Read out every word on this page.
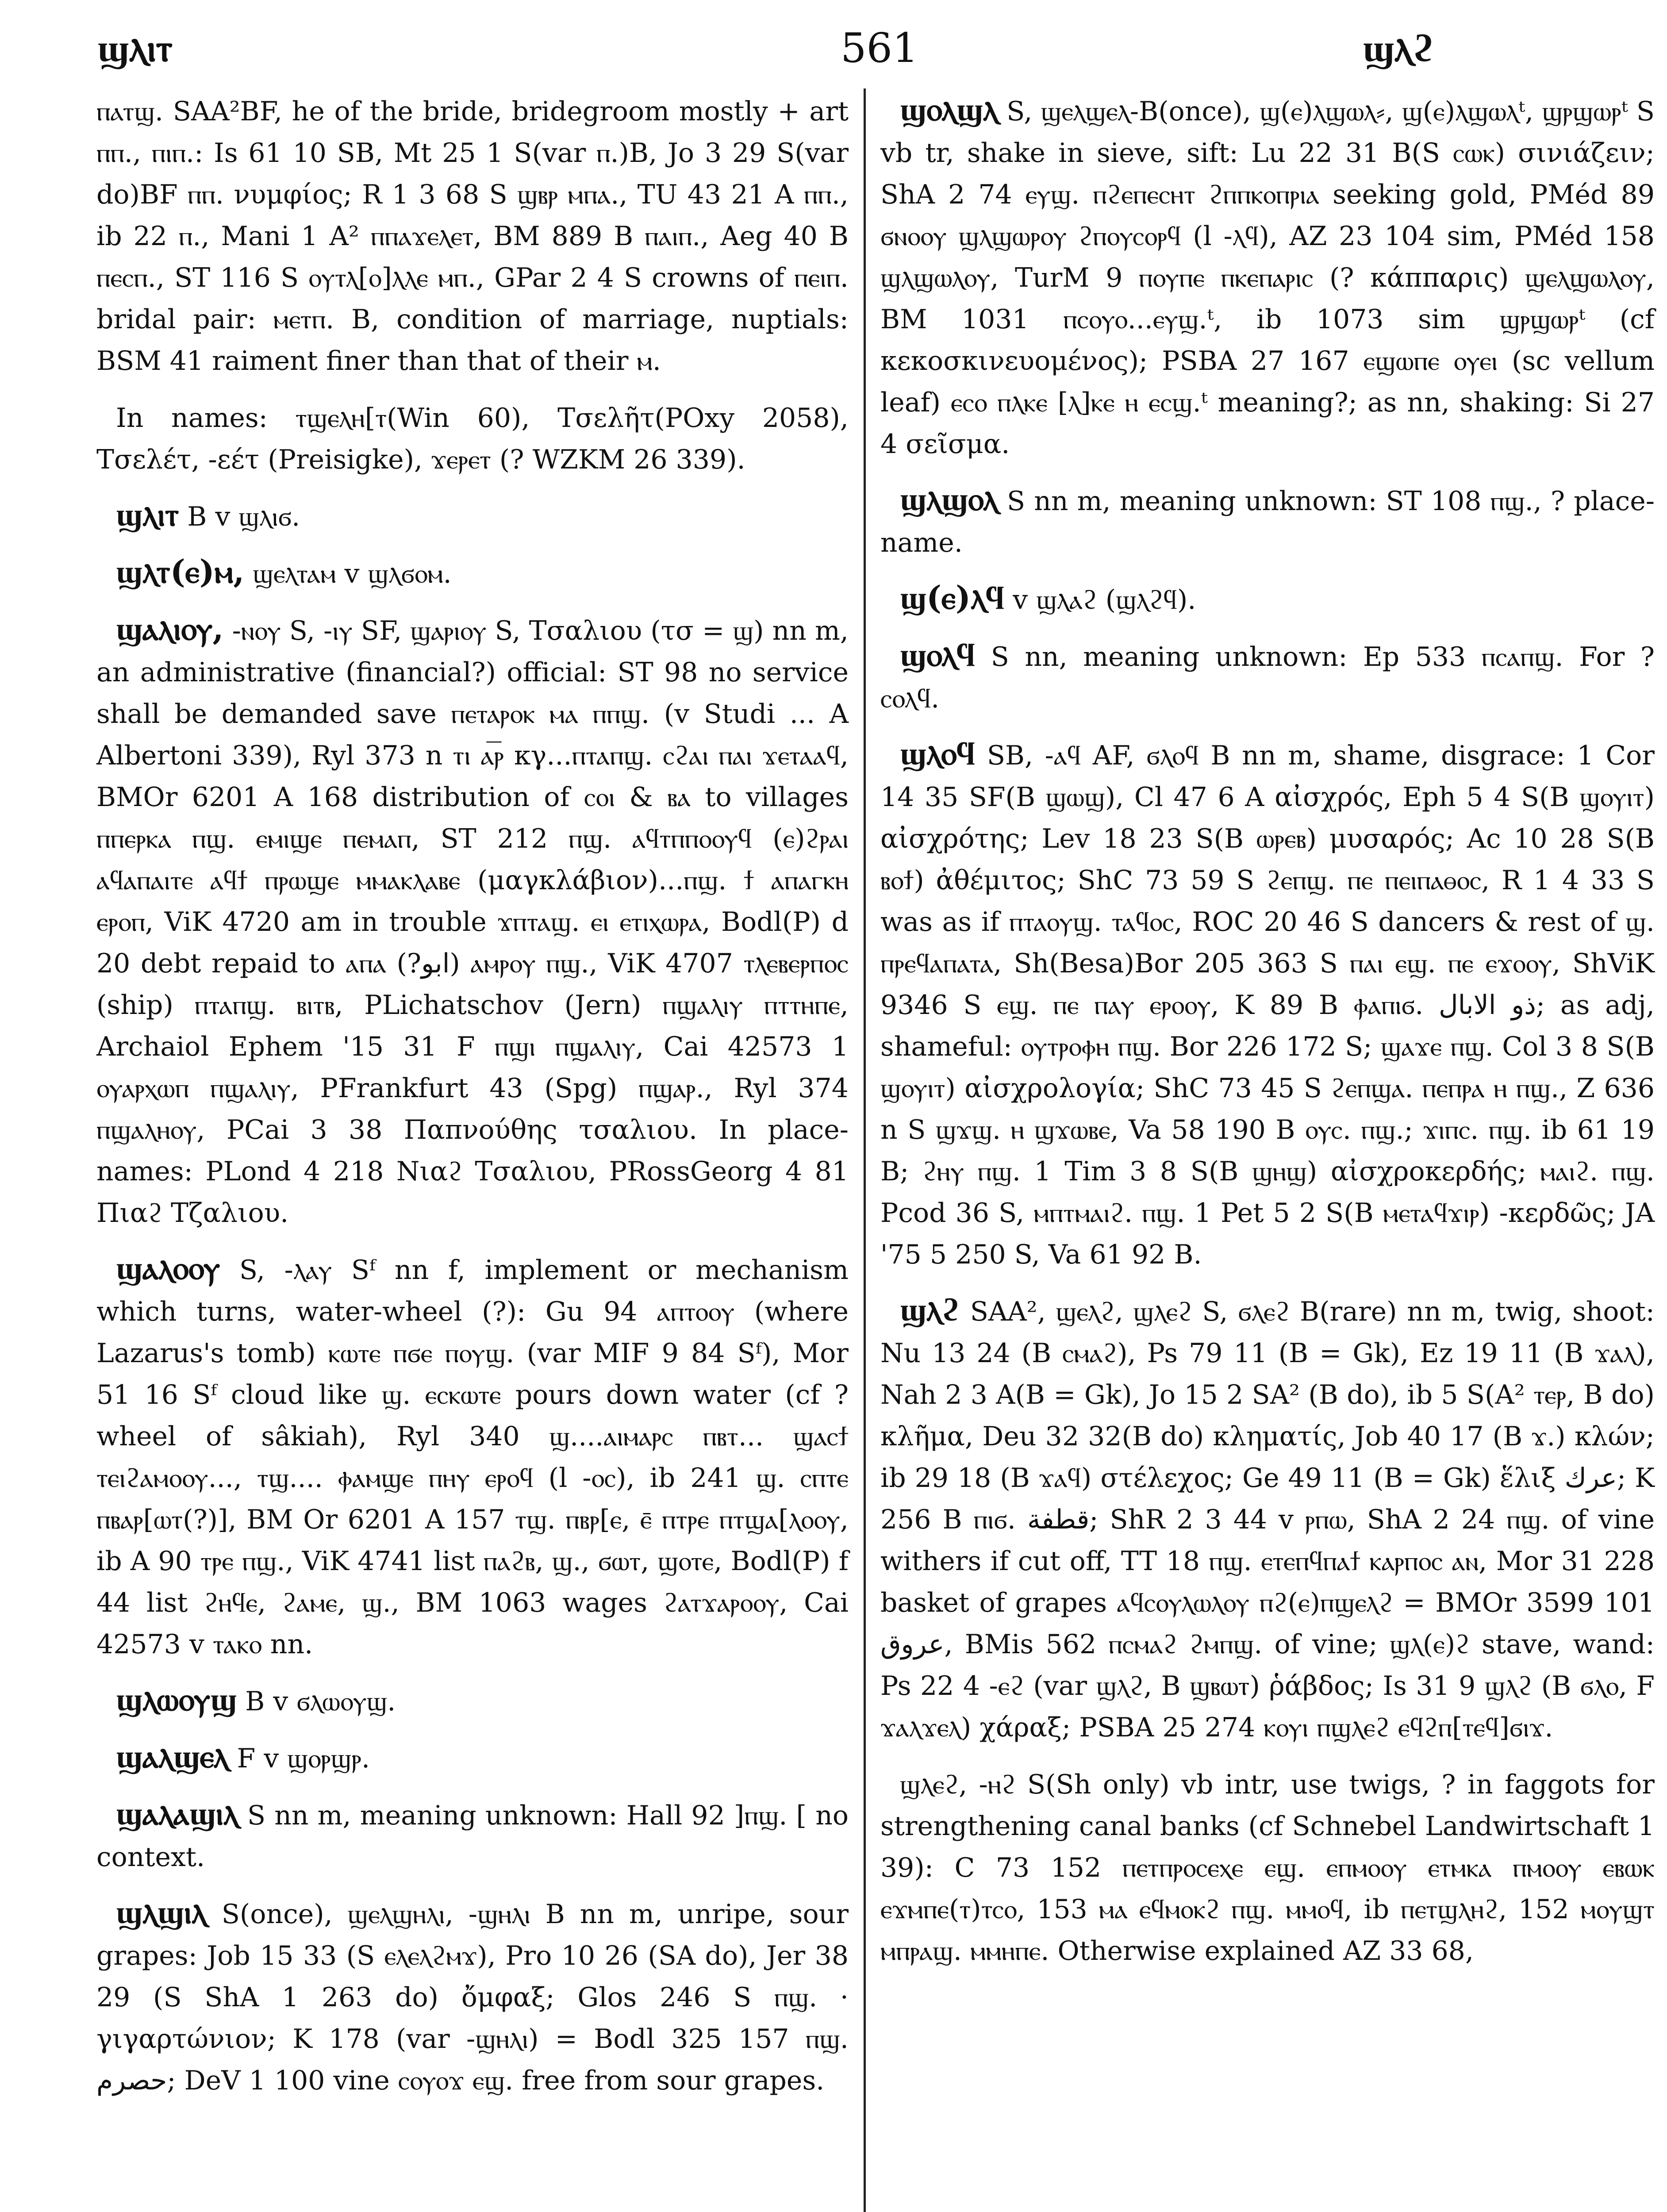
ϣⲗⲓⲧ	561	ϣⲗϩ

ⲡⲁⲧϣ. SAA²BF, he of the bride, bridegroom mostly + art ⲡⲡ., ⲡⲓⲡ.: Is 61 10 SB, Mt 25 1 S(var ⲡ.)B, Jo 3 29 S(var do)BF ⲡⲡ. νυμφίος; R 1 3 68 S ϣⲃⲣ ⲙⲡⲁ., TU 43 21 A ⲡⲡ., ib 22 ⲡ., Mani 1 A² ⲡⲡⲁϫⲉⲗⲉⲧ, BM 889 B ⲡⲁⲓⲡ., Aeg 40 B ⲡⲉⲥⲡ., ST 116 S ⲟⲩⲧⲗ[ⲟ]ⲗⲗⲉ ⲙⲡ., GPar 2 4 S crowns of ⲡⲉⲓⲡ. bridal pair: ⲙⲉⲧⲡ. B, condition of marriage, nuptials: BSM 41 raiment finer than that of their ⲙ.

In names: ⲧϣⲉⲗⲏ[ⲧ(Win 60), Τσελῆτ(POxy 2058), Τσελέτ, -εέτ (Preisigke), ϫⲉⲣⲉⲧ (? WZKM 26 339).

ϣⲗⲓⲧ B v ϣⲗⲓϭ.

ϣⲗⲧ(ⲉ)ⲙ, ϣⲉⲗⲧⲁⲙ v ϣⲗϭⲟⲙ.

ϣⲁⲗⲓⲟⲩ, -ⲛⲟⲩ S, -ⲓⲩ SF, ϣⲁⲣⲓⲟⲩ S, Τσαλιου (τσ = ϣ) nn m, an administrative (financial?) official: ST 98 no service shall be demanded save ⲡⲉⲧⲁⲣⲟⲕ ⲙⲁ ⲡⲡϣ. (v Studi ... A Albertoni 339), Ryl 373 n ⲧⲓ ⲁ͞ⲣ κγ...ⲡⲧⲁⲡϣ. ⲥϩⲁⲓ ⲡⲁⲓ ϫⲉⲧⲁⲁϥ, BMOr 6201 A 168 distribution of ⲥⲟⲓ & ⲃⲁ to villages ⲡⲡⲉⲣⲕⲁ ⲡϣ. ⲉⲙⲓϣⲉ ⲡⲉⲙⲁⲡ, ST 212 ⲡϣ. ⲁϥⲧⲡⲡⲟⲟⲩϥ (ⲉ)ϩⲣⲁⲓ ⲁϥⲁⲡⲁⲓⲧⲉ ⲁϥϯ ⲡⲣⲱϣⲉ ⲙⲙⲁⲕⲗⲁⲃⲉ (μαγκλάβιον)...ⲡϣ. ϯ ⲁⲡⲁⲅⲕⲏ ⲉⲣⲟⲡ, ViK 4720 am in trouble ϫⲡⲧⲁϣ. ⲉⲓ ⲉⲧⲓⲭⲱⲣⲁ, Bodl(P) d 20 debt repaid to ⲁⲡⲁ (?ابو) ⲁⲙⲣⲟⲩ ⲡϣ., ViK 4707 ⲧⲗⲉⲃⲉⲣⲡⲟⲥ (ship) ⲡⲧⲁⲡϣ. ⲃⲓⲧⲃ, PLichatschov (Jern) ⲡϣⲁⲗⲓⲩ ⲡⲧⲧⲏⲡⲉ, Archaiol Ephem '15 31 F ⲡϣⲓ ⲡϣⲁⲗⲓⲩ, Cai 42573 1 ⲟⲩⲁⲣⲭⲱⲡ ⲡϣⲁⲗⲓⲩ, PFrankfurt 43 (Spg) ⲡϣⲁⲣ., Ryl 374 ⲡϣⲁⲗⲏⲟⲩ, PCai 3 38 Παπνούθης τσαλιου. In place-names: PLond 4 218 Νιαϩ Τσαλιου, PRossGeorg 4 81 Πιαϩ Τζαλιου.

ϣⲁⲗⲟⲟⲩ S, -ⲗⲁⲩ Sᶠ nn f, implement or mechanism which turns, water-wheel (?): Gu 94 ⲁⲡⲧⲟⲟⲩ (where Lazarus's tomb) ⲕⲱⲧⲉ ⲡϭⲉ ⲡⲟⲩϣ. (var MIF 9 84 Sᶠ), Mor 51 16 Sᶠ cloud like ϣ. ⲉⲥⲕⲱⲧⲉ pours down water (cf ? wheel of sâkiah), Ryl 340 ϣ....ⲁⲓⲙⲁⲣⲥ ⲡⲃⲧ... ϣⲁⲥϯ ⲧⲉⲓϩⲁⲙⲟⲟⲩ..., ⲧϣ.... ⲫⲁⲙϣⲉ ⲡⲏⲩ ⲉⲣⲟϥ (l -ⲟⲥ), ib 241 ϣ. ⲥⲡⲧⲉ ⲡⲃⲁⲣ[ⲱⲧ(?)], BM Or 6201 A 157 ⲧϣ. ⲡⲃⲣ[ⲉ, ⲉ̄ ⲡⲧⲣⲉ ⲡⲧϣⲁ[ⲗⲟⲟⲩ, ib A 90 ⲧⲣⲉ ⲡϣ., ViK 4741 list ⲡⲁϩⲃ, ϣ., ϭⲱⲧ, ϣⲟⲧⲉ, Bodl(P) f 44 list ϩⲏϥⲉ, ϩⲁⲙⲉ, ϣ., BM 1063 wages ϩⲁⲧϫⲁⲣⲟⲟⲩ, Cai 42573 v ⲧⲁⲕⲟ nn.

ϣⲗⲱⲟⲩϣ B v ϭⲗⲱⲟⲩϣ.

ϣⲁⲗϣⲉⲗ F v ϣⲟⲣϣⲣ.

ϣⲁⲗⲁϣⲓⲗ S nn m, meaning unknown: Hall 92 ]ⲡϣ. [ no context.

ϣⲗϣⲓⲗ S(once), ϣⲉⲗϣⲏⲗⲓ, -ϣⲏⲗⲓ B nn m, unripe, sour grapes: Job 15 33 (S ⲉⲗⲉⲗϩⲙϫ), Pro 10 26 (SA do), Jer 38 29 (S ShA 1 263 do) ὄμφαξ; Glos 246 S ⲡϣ. · γιγαρτώνιον; K 178 (var -ϣⲏⲗⲓ) = Bodl 325 157 ⲡϣ. حصرم; DeV 1 100 vine ⲥⲟⲩⲟϫ ⲉϣ. free from sour grapes.

ϣⲟⲗϣⲗ S, ϣⲉⲗϣⲉⲗ-B(once), ϣ(ⲉ)ⲗϣⲱⲗ⸗, ϣ(ⲉ)ⲗϣⲱⲗᵗ, ϣⲣϣⲱⲣᵗ S vb tr, shake in sieve, sift: Lu 22 31 B(S ⲥⲱⲕ) σινιάζειν; ShA 2 74 ⲉⲩϣ. ⲡϩⲉⲡⲉⲥⲏⲧ ϩⲡⲡⲕⲟⲡⲣⲓⲁ seeking gold, PMéd 89 ϭⲛⲟⲟⲩ ϣⲗϣⲱⲣⲟⲩ ϩⲡⲟⲩⲥⲟⲣϥ (l -ⲗϥ), AZ 23 104 sim, PMéd 158 ϣⲗϣⲱⲗⲟⲩ, TurM 9 ⲡⲟⲩⲡⲉ ⲡⲕⲉⲡⲁⲣⲓⲥ (? κάππαρις) ϣⲉⲗϣⲱⲗⲟⲩ, BM 1031 ⲡⲥⲟⲩⲟ...ⲉⲩϣ.ᵗ, ib 1073 sim ϣⲣϣⲱⲣᵗ (cf κεκοσκινευομένος); PSBA 27 167 ⲉϣⲱⲡⲉ ⲟⲩⲉⲓ (sc vellum leaf) ⲉⲥⲟ ⲡⲗⲕⲉ [ⲗ]ⲕⲉ ⲏ ⲉⲥϣ.ᵗ meaning?; as nn, shaking: Si 27 4 σεῖσμα.

ϣⲗϣⲟⲗ S nn m, meaning unknown: ST 108 ⲡϣ., ? place-name.

ϣ(ⲉ)ⲗϥ v ϣⲗⲁϩ (ϣⲗϩϥ).

ϣⲟⲗϥ S nn, meaning unknown: Ep 533 ⲡⲥⲁⲡϣ. For ? ⲥⲟⲗϥ.

ϣⲗⲟϥ SB, -ⲁϥ AF, ϭⲗⲟϥ B nn m, shame, disgrace: 1 Cor 14 35 SF(B ϣⲱϣ), Cl 47 6 A αἰσχρός, Eph 5 4 S(B ϣⲟⲩⲓⲧ) αἰσχρότης; Lev 18 23 S(B ⲱⲣⲉⲃ) μυσαρός; Ac 10 28 S(B ⲃⲟϯ) ἀθέμιτος; ShC 73 59 S ϩⲉⲡϣ. ⲡⲉ ⲡⲉⲓⲡⲁⲑⲟⲥ, R 1 4 33 S was as if ⲡⲧⲁⲟⲩϣ. ⲧⲁϥⲟⲥ, ROC 20 46 S dancers & rest of ϣ. ⲡⲣⲉϥⲁⲡⲁⲧⲁ, Sh(Besa)Bor 205 363 S ⲡⲁⲓ ⲉϣ. ⲡⲉ ⲉϫⲟⲟⲩ, ShViK 9346 S ⲉϣ. ⲡⲉ ⲡⲁⲩ ⲉⲣⲟⲟⲩ, K 89 B ⲫⲁⲡⲓϭ. ذو الابال; as adj, shameful: ⲟⲩⲧⲣⲟⲫⲏ ⲡϣ. Bor 226 172 S; ϣⲁϫⲉ ⲡϣ. Col 3 8 S(B ϣⲟⲩⲓⲧ) αἰσχρολογία; ShC 73 45 S ϩⲉⲡϣⲁ. ⲡⲉⲡⲣⲁ ⲏ ⲡϣ., Z 636 n S ϣϫϣ. ⲏ ϣϫⲱⲃⲉ, Va 58 190 B ⲟⲩⲥ. ⲡϣ.; ϫⲓⲡⲥ. ⲡϣ. ib 61 19 B; ϩⲏⲩ ⲡϣ. 1 Tim 3 8 S(B ϣⲏϣ) αἰσχροκερδής; ⲙⲁⲓϩ. ⲡϣ. Pcod 36 S, ⲙⲡⲧⲙⲁⲓϩ. ⲡϣ. 1 Pet 5 2 S(B ⲙⲉⲧⲁϥϫⲓⲣ) -κερδῶς; JA '75 5 250 S, Va 61 92 B.

ϣⲗϩ SAA², ϣⲉⲗϩ, ϣⲗⲉϩ S, ϭⲗⲉϩ B(rare) nn m, twig, shoot: Nu 13 24 (B ⲥⲙⲁϩ), Ps 79 11 (B = Gk), Ez 19 11 (B ϫⲁⲗ), Nah 2 3 A(B = Gk), Jo 15 2 SA² (B do), ib 5 S(A² ⲧⲉⲣ, B do) κλῆμα, Deu 32 32(B do) κληματίς, Job 40 17 (B ϫ.) κλών; ib 29 18 (B ϫⲁϥ) στέλεχος; Ge 49 11 (B = Gk) ἕλιξ عرك; K 256 B ⲡⲓϭ. قطفة; ShR 2 3 44 v ⲣⲡⲱ, ShA 2 24 ⲡϣ. of vine withers if cut off, TT 18 ⲡϣ. ⲉⲧⲉⲡϥⲡⲁϯ ⲕⲁⲣⲡⲟⲥ ⲁⲛ, Mor 31 228 basket of grapes ⲁϥⲥⲟⲩⲗⲱⲗⲟⲩ ⲡϩ(ⲉ)ⲡϣⲉⲗϩ = BMOr 3599 101 عروق, BMis 562 ⲡⲥⲙⲁϩ ϩⲙⲡϣ. of vine; ϣⲗ(ⲉ)ϩ stave, wand: Ps 22 4 -ⲉϩ (var ϣⲗϩ, B ϣⲃⲱⲧ) ῥάβδος; Is 31 9 ϣⲗϩ (B ϭⲗⲟ, F ϫⲁⲗϫⲉⲗ) χάραξ; PSBA 25 274 ⲕⲟⲩⲓ ⲡϣⲗⲉϩ ⲉϥϩⲡ[ⲧⲉϥ]ϭⲓϫ.

ϣⲗⲉϩ, -ⲏϩ S(Sh only) vb intr, use twigs, ? in faggots for strengthening canal banks (cf Schnebel Landwirtschaft 1 39): C 73 152 ⲡⲉⲧⲡⲣⲟⲥⲉⲭⲉ ⲉϣ. ⲉⲡⲙⲟⲟⲩ ⲉⲧⲙⲕⲁ ⲡⲙⲟⲟⲩ ⲉⲃⲱⲕ ⲉϫⲙⲡⲉ(ⲧ)ⲧⲥⲟ, 153 ⲙⲁ ⲉϥⲙⲟⲕϩ ⲡϣ. ⲙⲙⲟϥ, ib ⲡⲉⲧϣⲗⲏϩ, 152 ⲙⲟⲩϣⲧ ⲙⲡⲣⲁϣ. ⲙⲙⲏⲡⲉ. Otherwise explained AZ 33 68,
